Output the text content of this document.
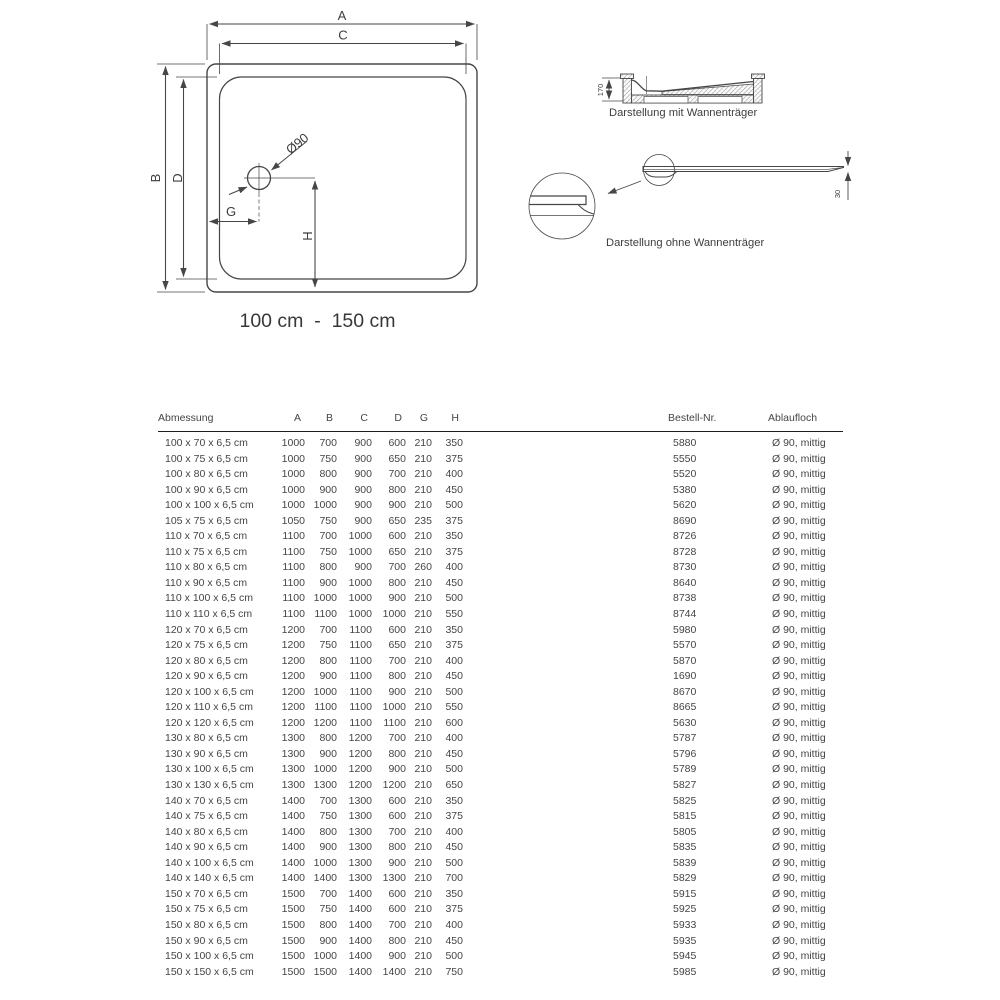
A
C
B D
Ø90
G
H
170
30
100 cm  -  150 cm
Darstellung mit Wannenträger
Darstellung ohne Wannenträger
Abmessung	A	B	C	D	G	H	Bestell-Nr.	Ablaufloch
100 x 70 x 6,5 cm	1000	700	900	600	210	350	5880	Ø 90, mittig
100 x 75 x 6,5 cm	1000	750	900	650	210	375	5550	Ø 90, mittig
100 x 80 x 6,5 cm	1000	800	900	700	210	400	5520	Ø 90, mittig
100 x 90 x 6,5 cm	1000	900	900	800	210	450	5380	Ø 90, mittig
100 x 100 x 6,5 cm	1000	1000	900	900	210	500	5620	Ø 90, mittig
105 x 75 x 6,5 cm	1050	750	900	650	235	375	8690	Ø 90, mittig
110 x 70 x 6,5 cm	1100	700	1000	600	210	350	8726	Ø 90, mittig
110 x 75 x 6,5 cm	1100	750	1000	650	210	375	8728	Ø 90, mittig
110 x 80 x 6,5 cm	1100	800	900	700	260	400	8730	Ø 90, mittig
110 x 90 x 6,5 cm	1100	900	1000	800	210	450	8640	Ø 90, mittig
110 x 100 x 6,5 cm	1100	1000	1000	900	210	500	8738	Ø 90, mittig
110 x 110 x 6,5 cm	1100	1100	1000	1000	210	550	8744	Ø 90, mittig
120 x 70 x 6,5 cm	1200	700	1100	600	210	350	5980	Ø 90, mittig
120 x 75 x 6,5 cm	1200	750	1100	650	210	375	5570	Ø 90, mittig
120 x 80 x 6,5 cm	1200	800	1100	700	210	400	5870	Ø 90, mittig
120 x 90 x 6,5 cm	1200	900	1100	800	210	450	1690	Ø 90, mittig
120 x 100 x 6,5 cm	1200	1000	1100	900	210	500	8670	Ø 90, mittig
120 x 110 x 6,5 cm	1200	1100	1100	1000	210	550	8665	Ø 90, mittig
120 x 120 x 6,5 cm	1200	1200	1100	1100	210	600	5630	Ø 90, mittig
130 x 80 x 6,5 cm	1300	800	1200	700	210	400	5787	Ø 90, mittig
130 x 90 x 6,5 cm	1300	900	1200	800	210	450	5796	Ø 90, mittig
130 x 100 x 6,5 cm	1300	1000	1200	900	210	500	5789	Ø 90, mittig
130 x 130 x 6,5 cm	1300	1300	1200	1200	210	650	5827	Ø 90, mittig
140 x 70 x 6,5 cm	1400	700	1300	600	210	350	5825	Ø 90, mittig
140 x 75 x 6,5 cm	1400	750	1300	600	210	375	5815	Ø 90, mittig
140 x 80 x 6,5 cm	1400	800	1300	700	210	400	5805	Ø 90, mittig
140 x 90 x 6,5 cm	1400	900	1300	800	210	450	5835	Ø 90, mittig
140 x 100 x 6,5 cm	1400	1000	1300	900	210	500	5839	Ø 90, mittig
140 x 140 x 6,5 cm	1400	1400	1300	1300	210	700	5829	Ø 90, mittig
150 x 70 x 6,5 cm	1500	700	1400	600	210	350	5915	Ø 90, mittig
150 x 75 x 6,5 cm	1500	750	1400	600	210	375	5925	Ø 90, mittig
150 x 80 x 6,5 cm	1500	800	1400	700	210	400	5933	Ø 90, mittig
150 x 90 x 6,5 cm	1500	900	1400	800	210	450	5935	Ø 90, mittig
150 x 100 x 6,5 cm	1500	1000	1400	900	210	500	5945	Ø 90, mittig
150 x 150 x 6,5 cm	1500	1500	1400	1400	210	750	5985	Ø 90, mittig
